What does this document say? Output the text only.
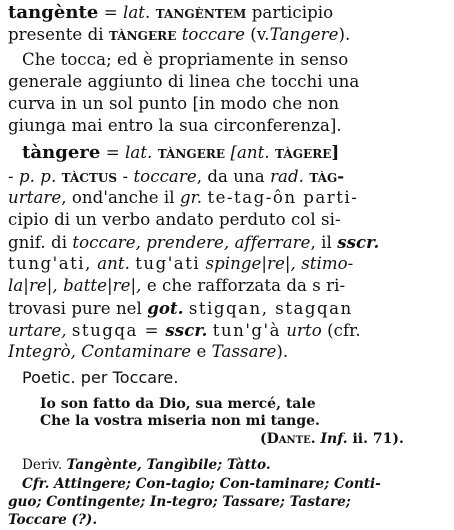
tangènte = lat. tangèntem participio
presente di tàngere toccare (v.Tangere).
Che tocca; ed è propriamente in senso
generale aggiunto di linea che tocchi una
curva in un sol punto [in modo che non
giunga mai entro la sua circonferenza].
tàngere = lat. tàngere [ant. tàgere]
- p. p. tàctus - toccare, da una rad. tàg-
urtare, ond'anche il gr. te-tag-ôn parti-
cipio di un verbo andato perduto col si-
gnif. di toccare, prendere, afferrare, il sscr.
tung'ati, ant. tug'ati spinge|re|, stimo-
la|re|, batte|re|, e che rafforzata da s ri-
trovasi pure nel got. stigqan, stagqan
urtare, stugqa = sscr. tun'g'à urto (cfr.
Integrò, Contaminare e Tassare).
Poetic. per Toccare.
Io son fatto da Dio, sua mercé, tale
Che la vostra miseria non mi tange.
(Dante. Inf. ii. 71).
Deriv. Tangènte, Tangìbile; Tàtto.
Cfr. Attingere; Con-tagio; Con-taminare; Conti-
guo; Contingente; In-tegro; Tassare; Tastare;
Toccare (?).
